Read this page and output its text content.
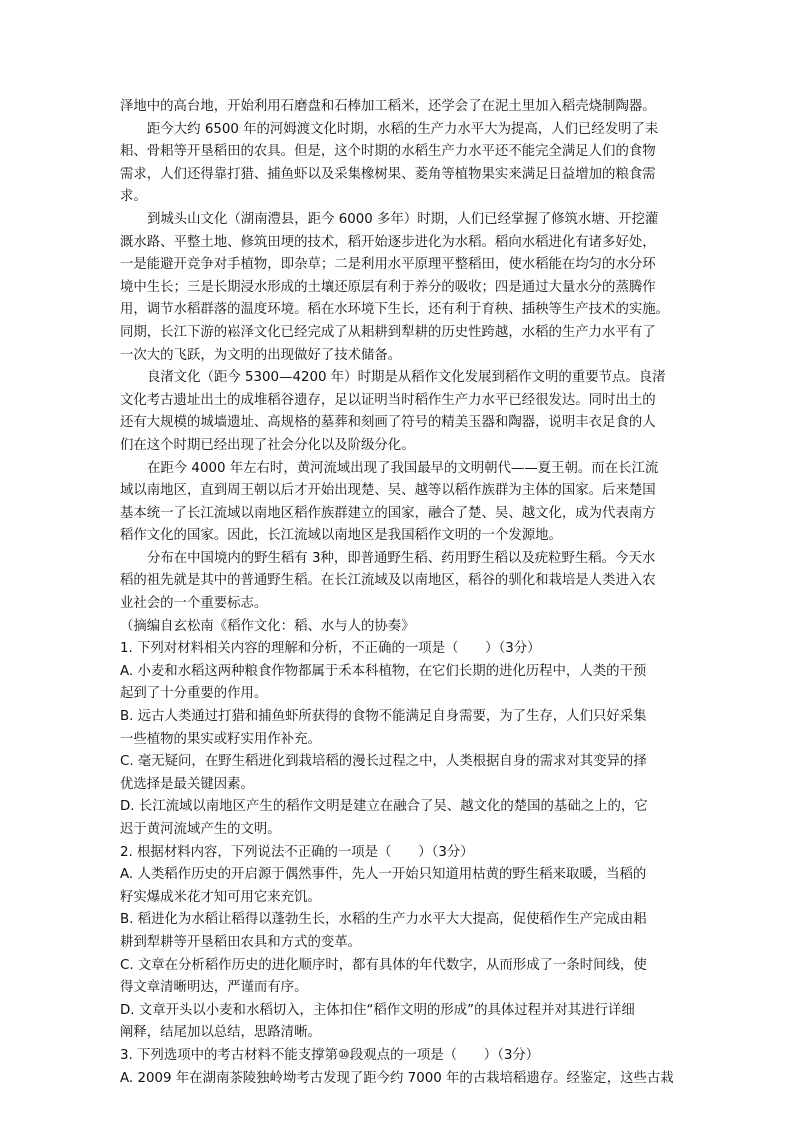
泽地中的高台地，开始利用石磨盘和石棒加工稻米，还学会了在泥土里加入稻壳烧制陶器。
距今大约 6500 年的河姆渡文化时期，水稻的生产力水平大为提高，人们已经发明了耒
耜、骨耜等开垦稻田的农具。但是，这个时期的水稻生产力水平还不能完全满足人们的食物
需求，人们还得靠打猎、捕鱼虾以及采集橡树果、菱角等植物果实来满足日益增加的粮食需
求。
到城头山文化（湖南澧县，距今 6000 多年）时期，人们已经掌握了修筑水塘、开挖灌
溉水路、平整土地、修筑田埂的技术，稻开始逐步进化为水稻。稻向水稻进化有诸多好处，
一是能避开竞争对手植物，即杂草；二是利用水平原理平整稻田，使水稻能在均匀的水分环
境中生长；三是长期浸水形成的土壤还原层有利于养分的吸收；四是通过大量水分的蒸腾作
用，调节水稻群落的温度环境。稻在水环境下生长，还有利于育秧、插秧等生产技术的实施。
同期，长江下游的崧泽文化已经完成了从耜耕到犁耕的历史性跨越，水稻的生产力水平有了
一次大的飞跃，为文明的出现做好了技术储备。
良渚文化（距今 5300—4200 年）时期是从稻作文化发展到稻作文明的重要节点。良渚
文化考古遗址出土的成堆稻谷遗存，足以证明当时稻作生产力水平已经很发达。同时出土的
还有大规模的城墙遗址、高规格的墓葬和刻画了符号的精美玉器和陶器，说明丰衣足食的人
们在这个时期已经出现了社会分化以及阶级分化。
在距今 4000 年左右时，黄河流域出现了我国最早的文明朝代——夏王朝。而在长江流
域以南地区，直到周王朝以后才开始出现楚、吴、越等以稻作族群为主体的国家。后来楚国
基本统一了长江流域以南地区稻作族群建立的国家，融合了楚、吴、越文化，成为代表南方
稻作文化的国家。因此，长江流域以南地区是我国稻作文明的一个发源地。
分布在中国境内的野生稻有 3种，即普通野生稻、药用野生稻以及疣粒野生稻。今天水
稻的祖先就是其中的普通野生稻。在长江流域及以南地区，稻谷的驯化和栽培是人类进入农
业社会的一个重要标志。
（摘编自玄松南《稻作文化：稻、水与人的协奏》
1. 下列对材料相关内容的理解和分析，不正确的一项是（　　）（3分）
A. 小麦和水稻这两种粮食作物都属于禾本科植物，在它们长期的进化历程中，人类的干预
起到了十分重要的作用。
B. 远古人类通过打猎和捕鱼虾所获得的食物不能满足自身需要，为了生存，人们只好采集
一些植物的果实或籽实用作补充。
C. 毫无疑问，在野生稻进化到栽培稻的漫长过程之中，人类根据自身的需求对其变异的择
优选择是最关键因素。
D. 长江流域以南地区产生的稻作文明是建立在融合了吴、越文化的楚国的基础之上的，它
迟于黄河流域产生的文明。
2. 根据材料内容，下列说法不正确的一项是（　　）（3分）
A. 人类稻作历史的开启源于偶然事件，先人一开始只知道用枯黄的野生稻来取暖，当稻的
籽实爆成米花才知可用它来充饥。
B. 稻进化为水稻让稻得以蓬勃生长，水稻的生产力水平大大提高，促使稻作生产完成由耜
耕到犁耕等开垦稻田农具和方式的变革。
C. 文章在分析稻作历史的进化顺序时，都有具体的年代数字，从而形成了一条时间线，使
得文章清晰明达，严谨而有序。
D. 文章开头以小麦和水稻切入，主体扣住“稻作文明的形成”的具体过程并对其进行详细
阐释，结尾加以总结，思路清晰。
3. 下列选项中的考古材料不能支撑第⑩段观点的一项是（　　）（3分）
A. 2009 年在湖南茶陵独岭坳考古发现了距今约 7000 年的古栽培稻遗存。经鉴定，这些古栽
